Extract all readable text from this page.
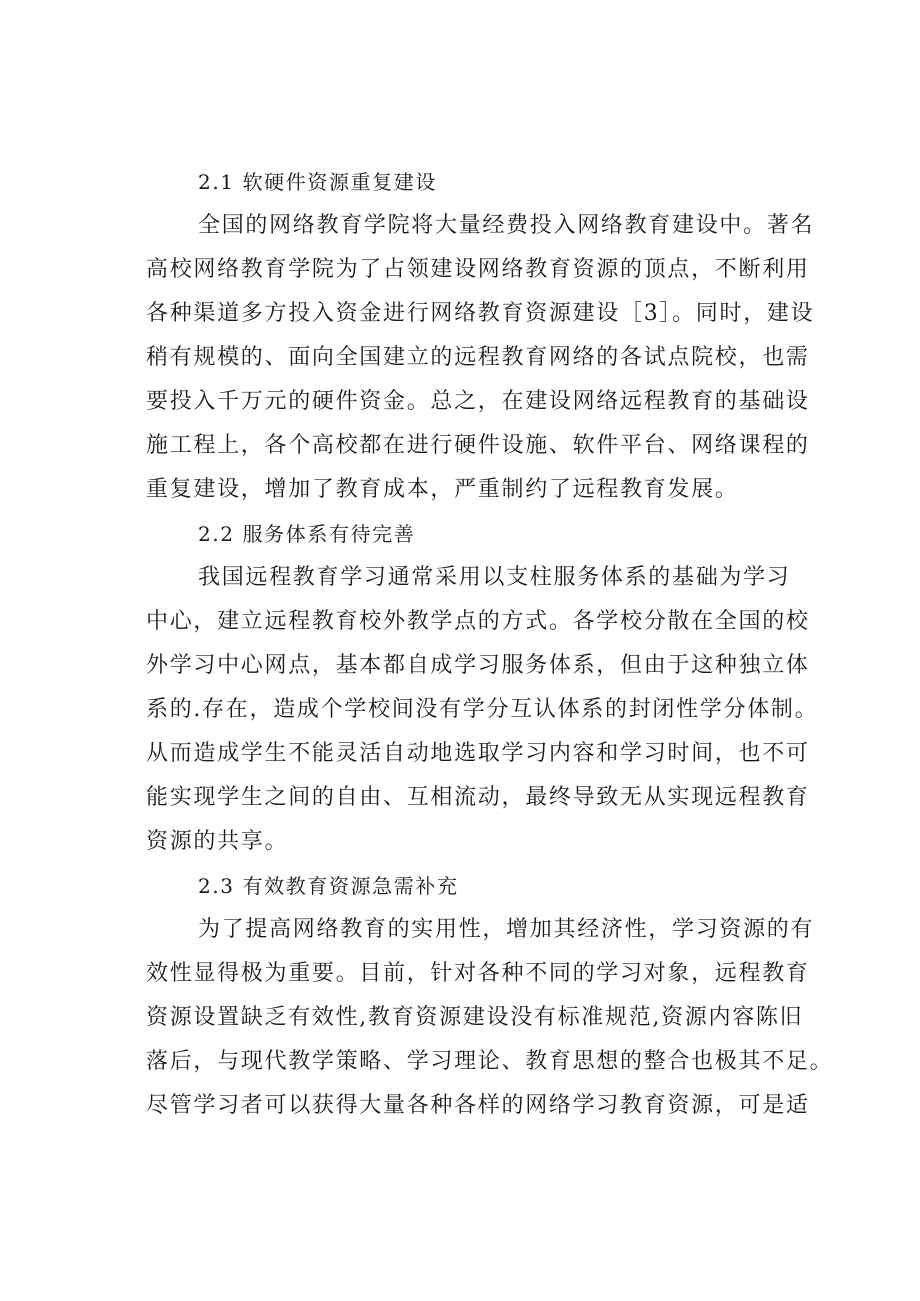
2.1 软硬件资源重复建设
全国的网络教育学院将大量经费投入网络教育建设中。著名
高校网络教育学院为了占领建设网络教育资源的顶点，不断利用
各种渠道多方投入资金进行网络教育资源建设［3］。同时，建设
稍有规模的、面向全国建立的远程教育网络的各试点院校，也需
要投入千万元的硬件资金。总之，在建设网络远程教育的基础设
施工程上，各个高校都在进行硬件设施、软件平台、网络课程的
重复建设，增加了教育成本，严重制约了远程教育发展。
2.2 服务体系有待完善
我国远程教育学习通常采用以支柱服务体系的基础为学习
中心，建立远程教育校外教学点的方式。各学校分散在全国的校
外学习中心网点，基本都自成学习服务体系，但由于这种独立体
系的.存在，造成个学校间没有学分互认体系的封闭性学分体制。
从而造成学生不能灵活自动地选取学习内容和学习时间，也不可
能实现学生之间的自由、互相流动，最终导致无从实现远程教育
资源的共享。
2.3 有效教育资源急需补充
为了提高网络教育的实用性，增加其经济性，学习资源的有
效性显得极为重要。目前，针对各种不同的学习对象，远程教育
资源设置缺乏有效性,教育资源建设没有标准规范,资源内容陈旧
落后，与现代教学策略、学习理论、教育思想的整合也极其不足。
尽管学习者可以获得大量各种各样的网络学习教育资源，可是适
